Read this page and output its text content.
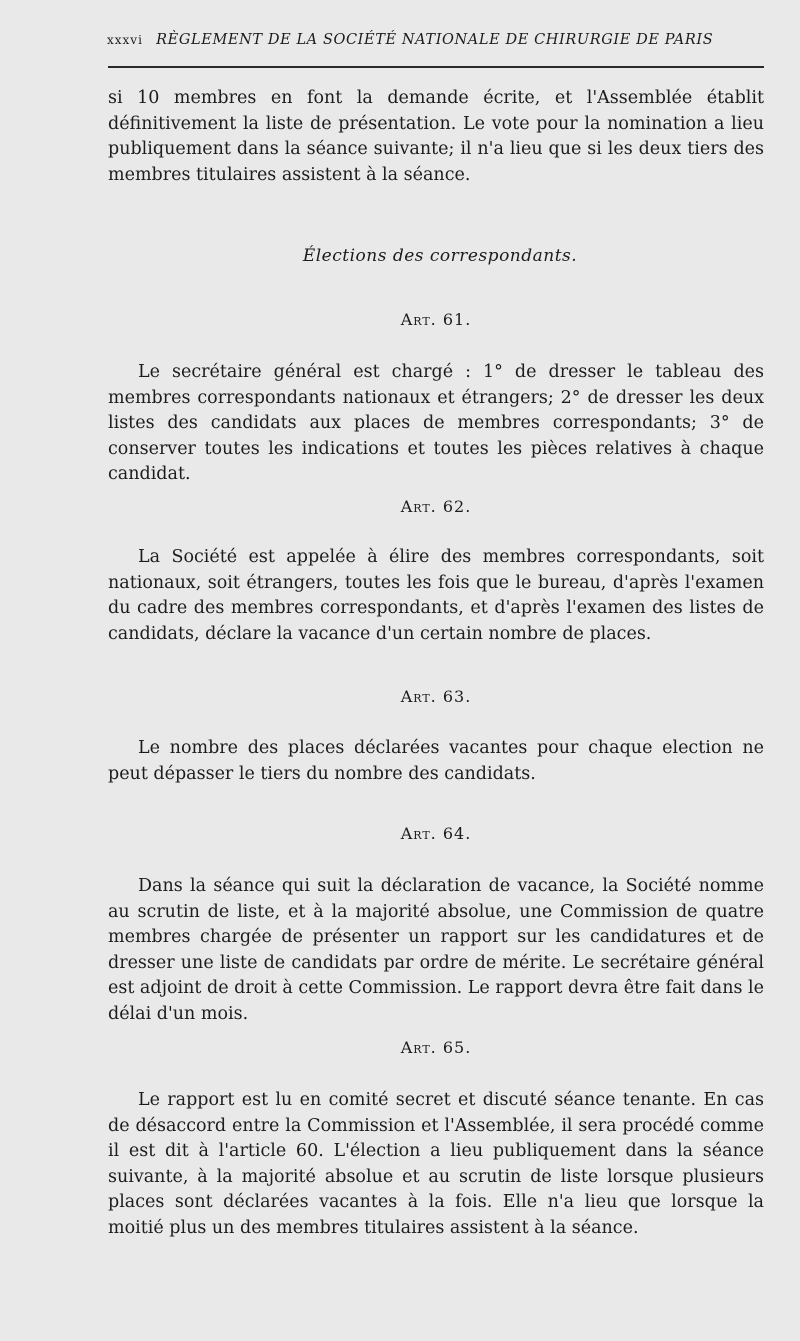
xxxvi RÈGLEMENT DE LA SOCIÉTÉ NATIONALE DE CHIRURGIE DE PARIS

si 10 membres en font la demande écrite, et l'Assemblée établit définitivement la liste de présentation. Le vote pour la nomination a lieu publiquement dans la séance suivante; il n'a lieu que si les deux tiers des membres titulaires assistent à la séance.

Élections des correspondants.
Art. 61.

Le secrétaire général est chargé : 1° de dresser le tableau des membres correspondants nationaux et étrangers; 2° de dresser les deux listes des candidats aux places de membres correspondants; 3° de conserver toutes les indications et toutes les pièces relatives à chaque candidat.

Art. 62.

La Société est appelée à élire des membres correspondants, soit nationaux, soit étrangers, toutes les fois que le bureau, d'après l'examen du cadre des membres correspondants, et d'après l'examen des listes de candidats, déclare la vacance d'un certain nombre de places.

Art. 63.

Le nombre des places déclarées vacantes pour chaque election ne peut dépasser le tiers du nombre des candidats.

Art. 64.

Dans la séance qui suit la déclaration de vacance, la Société nomme au scrutin de liste, et à la majorité absolue, une Commission de quatre membres chargée de présenter un rapport sur les candidatures et de dresser une liste de candidats par ordre de mérite. Le secrétaire général est adjoint de droit à cette Commission. Le rapport devra être fait dans le délai d'un mois.

Art. 65.

Le rapport est lu en comité secret et discuté séance tenante. En cas de désaccord entre la Commission et l'Assemblée, il sera procédé comme il est dit à l'article 60. L'élection a lieu publiquement dans la séance suivante, à la majorité absolue et au scrutin de liste lorsque plusieurs places sont déclarées vacantes à la fois. Elle n'a lieu que lorsque la moitié plus un des membres titulaires assistent à la séance.
